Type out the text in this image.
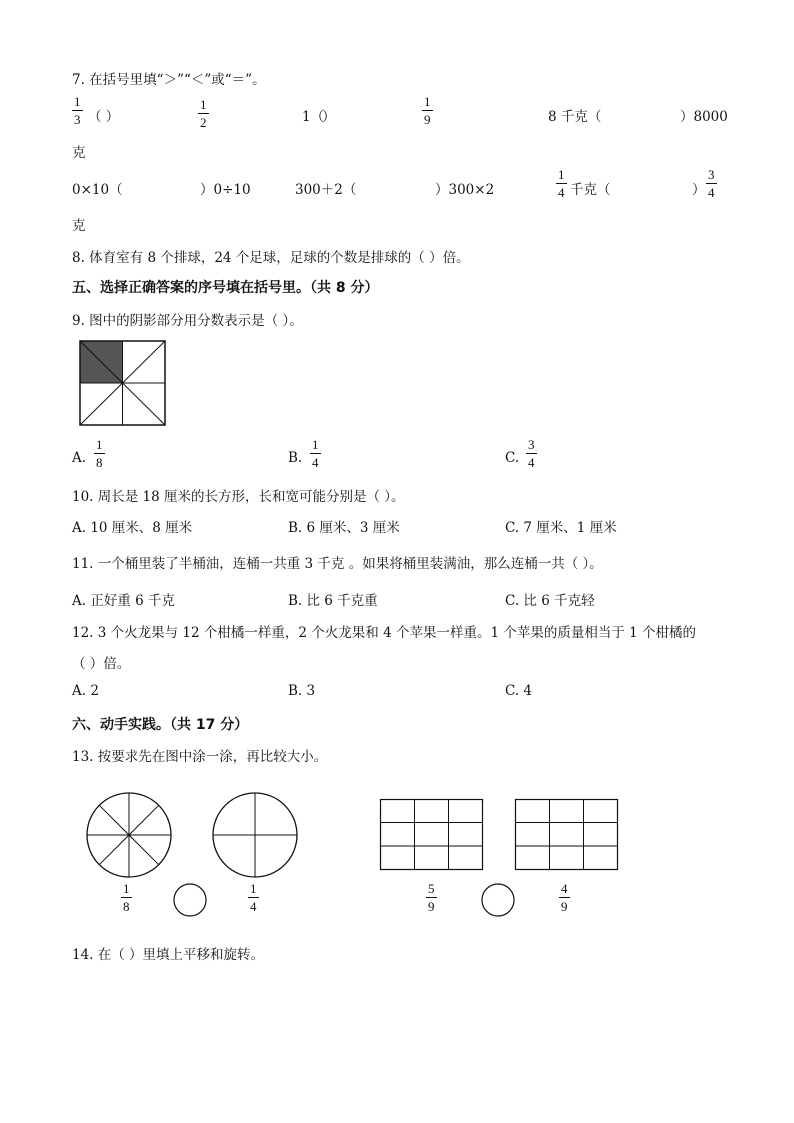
7. 在括号里填“＞”“＜”或“＝”。
1
3 （ ）
1
2	1（
）
1
9	8 千克（	）8000
克
0×10（	）0÷10	300＋2（	）300×2
1
4 千克（	）
3
4
克
8. 体育室有 8 个排球，24 个足球，足球的个数是排球的（ ）倍。
五、选择正确答案的序号填在括号里。（共 8 分）
9. 图中的阴影部分用分数表示是（ ）。
A.
1
8	B.
1
4	C.
3
4
10. 周长是 18 厘米的长方形，长和宽可能分别是（ ）。
A. 10 厘米、8 厘米	B. 6 厘米、3 厘米	C. 7 厘米、1 厘米
11. 一个桶里装了半桶油，连桶一共重 3 千克 。如果将桶里装满油，那么连桶一共（ ）。
A. 正好重 6 千克	B. 比 6 千克重	C. 比 6 千克轻
12. 3 个火龙果与 12 个柑橘一样重，2 个火龙果和 4 个苹果一样重。1 个苹果的质量相当于 1 个柑橘的
（ ）倍。
A. 2	B. 3	C. 4
六、动手实践。（共 17 分）
13. 按要求先在图中涂一涂，再比较大小。
1
8
1
4
5
9
4
9
14. 在（ ）里填上平移和旋转。
